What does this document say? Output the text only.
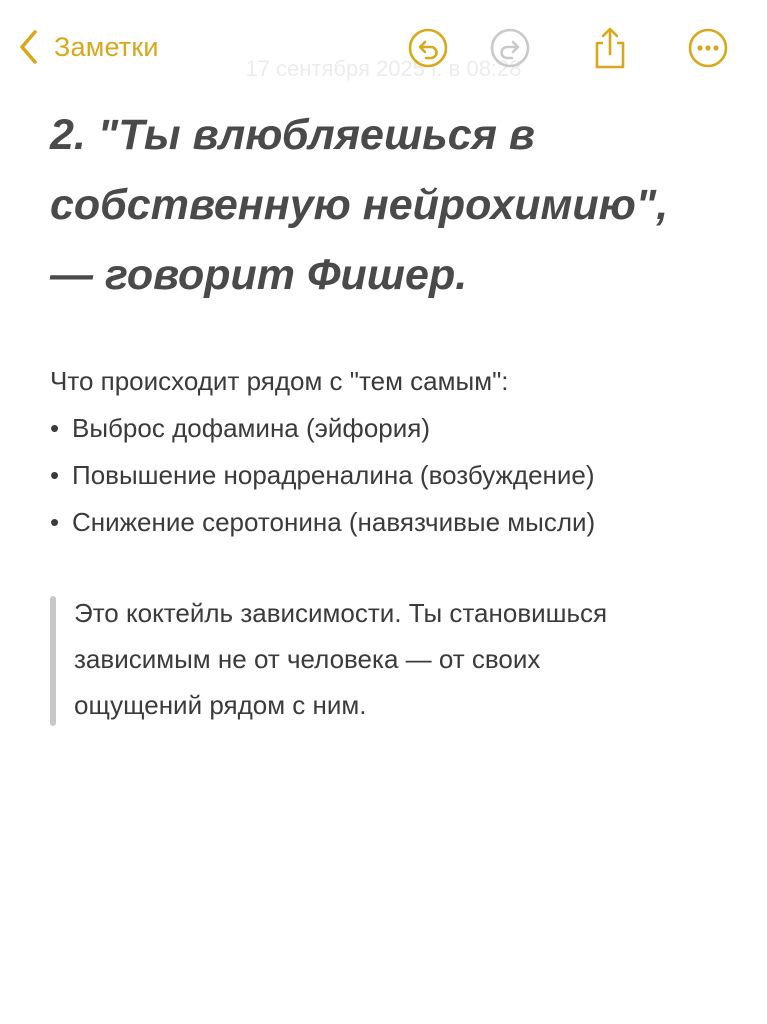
Заметки
17 сентября 2025 г. в 08:28
2. "Ты влюбляешься в
собственную нейрохимию",
— говорит Фишер.
Что происходит рядом с "тем самым":
• Выброс дофамина (эйфория)
• Повышение норадреналина (возбуждение)
• Снижение серотонина (навязчивые мысли)
Это коктейль зависимости. Ты становишься
зависимым не от человека — от своих
ощущений рядом с ним.
